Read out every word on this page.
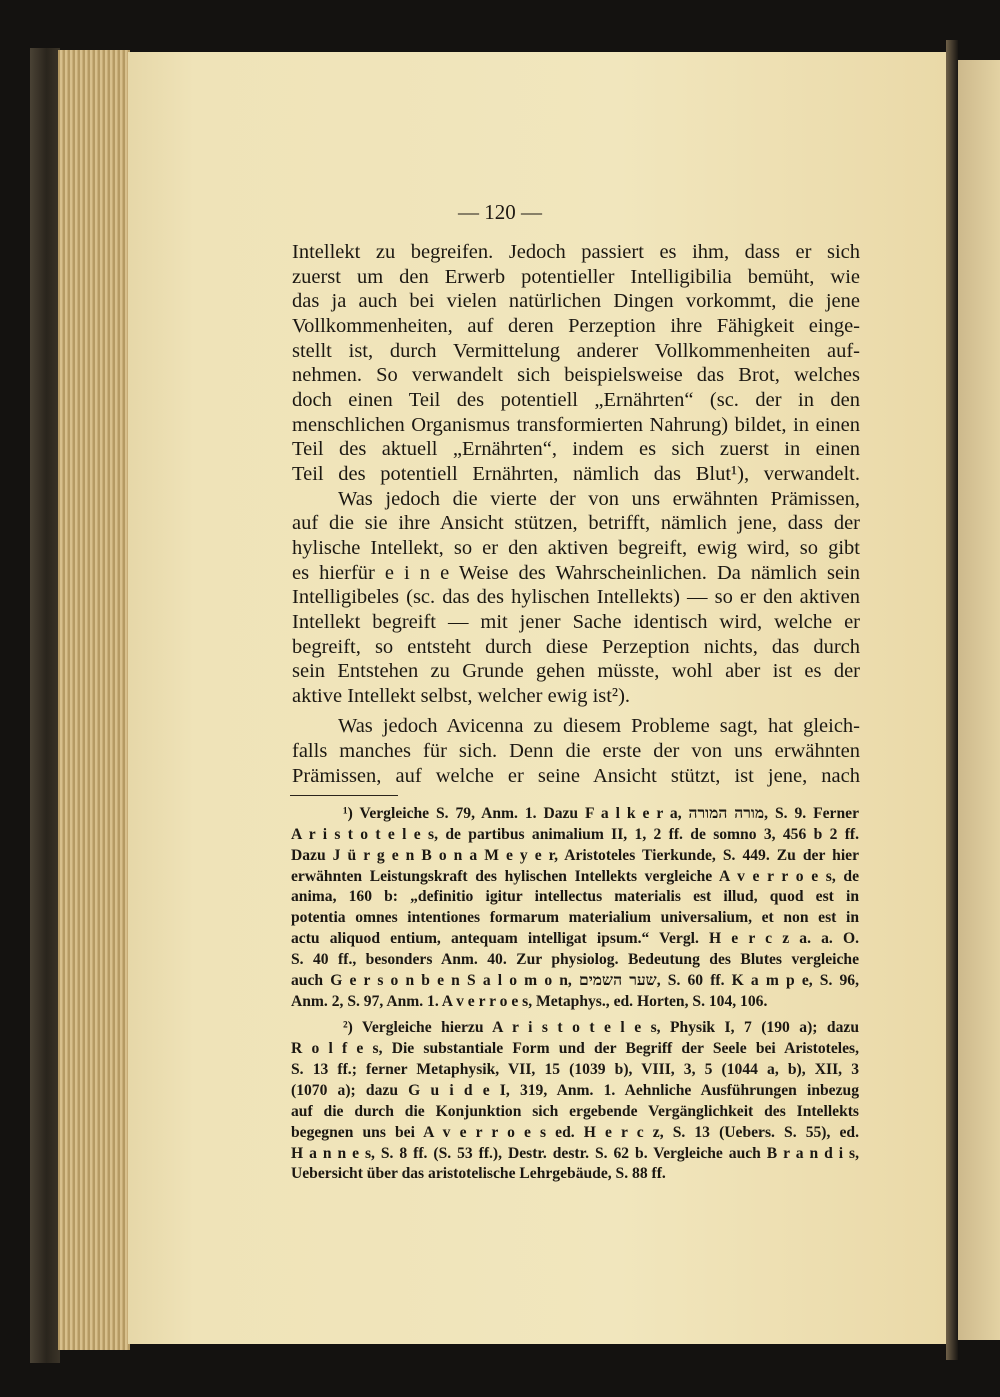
— 120 —
Intellekt zu begreifen. Jedoch passiert es ihm, dass er sich
zuerst um den Erwerb potentieller Intelligibilia bemüht, wie
das ja auch bei vielen natürlichen Dingen vorkommt, die jene
Vollkommenheiten, auf deren Perzeption ihre Fähigkeit einge-
stellt ist, durch Vermittelung anderer Vollkommenheiten auf-
nehmen. So verwandelt sich beispielsweise das Brot, welches
doch einen Teil des potentiell „Ernährten“ (sc. der in den
menschlichen Organismus transformierten Nahrung) bildet, in einen
Teil des aktuell „Ernährten“, indem es sich zuerst in einen
Teil des potentiell Ernährten, nämlich das Blut¹), verwandelt.
Was jedoch die vierte der von uns erwähnten Prämissen,
auf die sie ihre Ansicht stützen, betrifft, nämlich jene, dass der
hylische Intellekt, so er den aktiven begreift, ewig wird, so gibt
es hierfür e i n e Weise des Wahrscheinlichen. Da nämlich sein
Intelligibeles (sc. das des hylischen Intellekts) — so er den aktiven
Intellekt begreift — mit jener Sache identisch wird, welche er
begreift, so entsteht durch diese Perzeption nichts, das durch
sein Entstehen zu Grunde gehen müsste, wohl aber ist es der
aktive Intellekt selbst, welcher ewig ist²).
Was jedoch Avicenna zu diesem Probleme sagt, hat gleich-
falls manches für sich. Denn die erste der von uns erwähnten
Prämissen, auf welche er seine Ansicht stützt, ist jene, nach
¹) Vergleiche S. 79, Anm. 1. Dazu F a l k e r a, מורה המורה, S. 9. Ferner
A r i s t o t e l e s, de partibus animalium II, 1, 2 ff. de somno 3, 456 b 2 ff.
Dazu J ü r g e n B o n a M e y e r, Aristoteles Tierkunde, S. 449. Zu der hier
erwähnten Leistungskraft des hylischen Intellekts vergleiche A v e r r o e s, de
anima, 160 b: „definitio igitur intellectus materialis est illud, quod est in
potentia omnes intentiones formarum materialium universalium, et non est in
actu aliquod entium, antequam intelligat ipsum.“ Vergl. H e r c z a. a. O.
S. 40 ff., besonders Anm. 40. Zur physiolog. Bedeutung des Blutes vergleiche
auch G e r s o n b e n S a l o m o n, שער השמים, S. 60 ff. K a m p e, S. 96,
Anm. 2, S. 97, Anm. 1. A v e r r o e s, Metaphys., ed. Horten, S. 104, 106.
²) Vergleiche hierzu A r i s t o t e l e s, Physik I, 7 (190 a); dazu
R o l f e s, Die substantiale Form und der Begriff der Seele bei Aristoteles,
S. 13 ff.; ferner Metaphysik, VII, 15 (1039 b), VIII, 3, 5 (1044 a, b), XII, 3
(1070 a); dazu G u i d e I, 319, Anm. 1. Aehnliche Ausführungen inbezug
auf die durch die Konjunktion sich ergebende Vergänglichkeit des Intellekts
begegnen uns bei A v e r r o e s ed. H e r c z, S. 13 (Uebers. S. 55), ed.
H a n n e s, S. 8 ff. (S. 53 ff.), Destr. destr. S. 62 b. Vergleiche auch B r a n d i s,
Uebersicht über das aristotelische Lehrgebäude, S. 88 ff.
